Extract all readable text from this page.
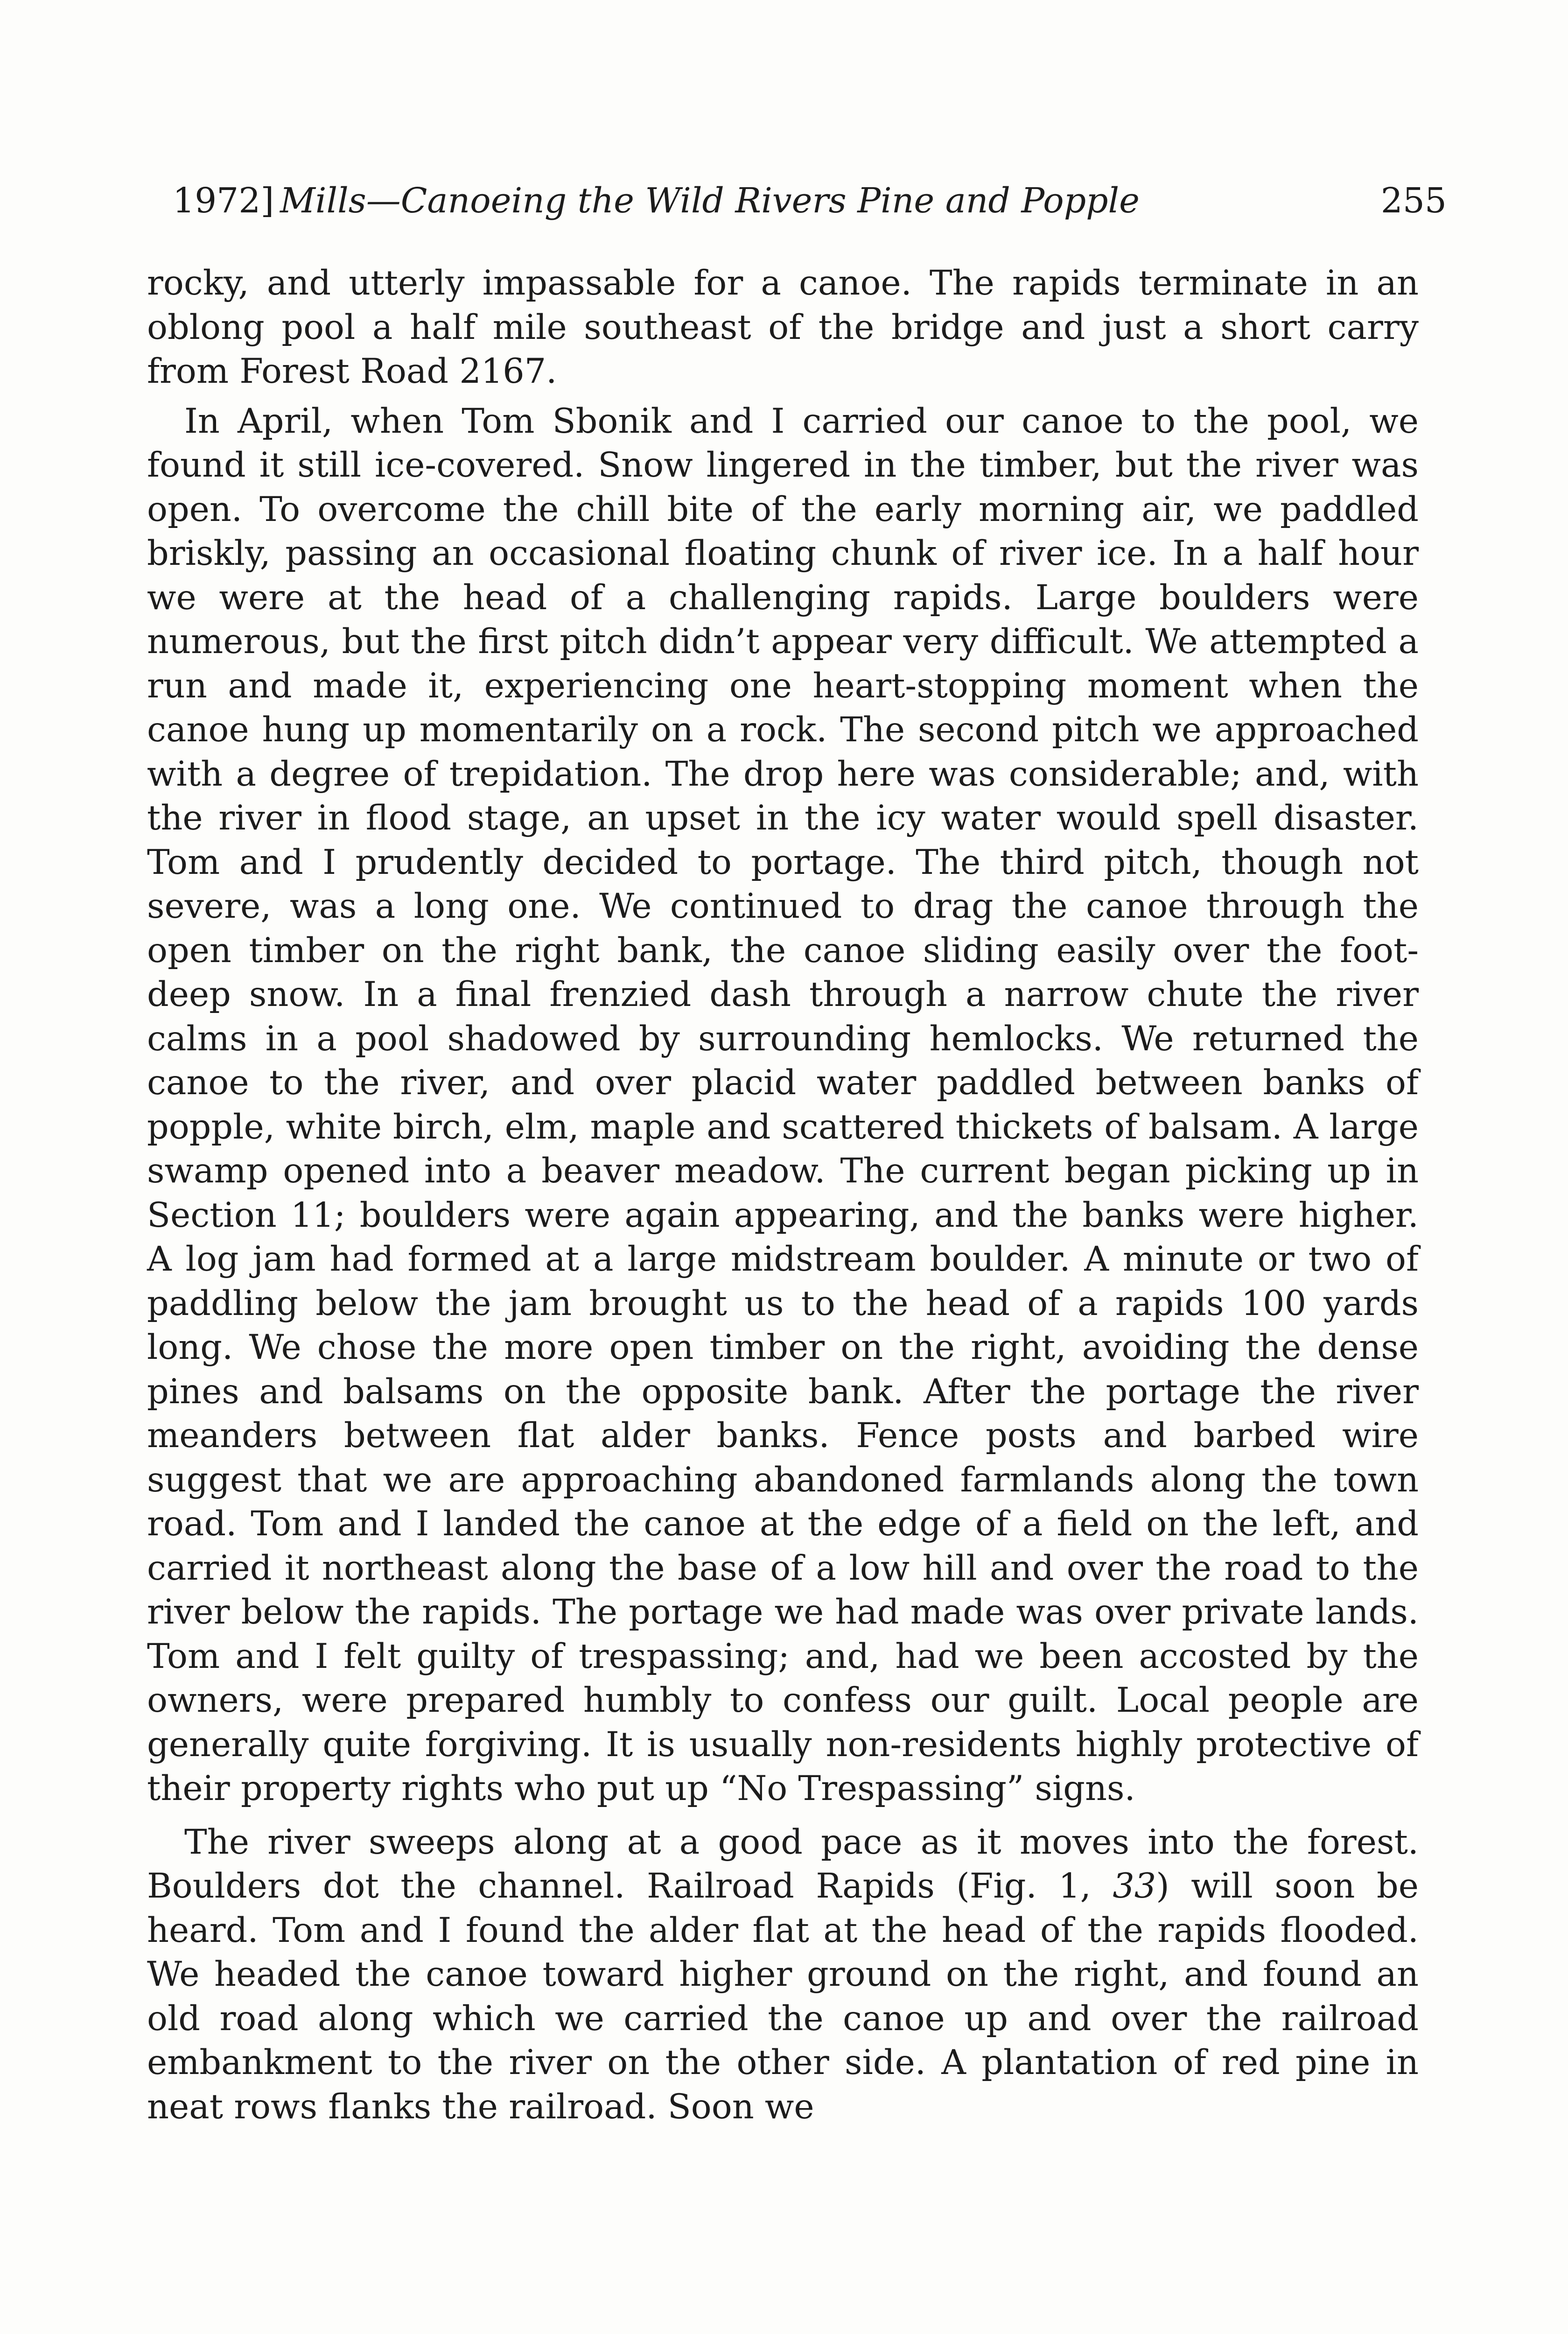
1972] Mills—Canoeing the Wild Rivers Pine and Popple	255

rocky, and utterly impassable for a canoe. The rapids terminate in an oblong pool a half mile southeast of the bridge and just a short carry from Forest Road 2167.

In April, when Tom Sbonik and I carried our canoe to the pool, we found it still ice-covered. Snow lingered in the timber, but the river was open. To overcome the chill bite of the early morning air, we paddled briskly, passing an occasional floating chunk of river ice. In a half hour we were at the head of a challenging rapids. Large boulders were numerous, but the first pitch didn’t appear very difficult. We attempted a run and made it, experiencing one heart-stopping moment when the canoe hung up momentarily on a rock. The second pitch we approached with a degree of trepidation. The drop here was considerable; and, with the river in flood stage, an upset in the icy water would spell disaster. Tom and I prudently decided to portage. The third pitch, though not severe, was a long one. We continued to drag the canoe through the open timber on the right bank, the canoe sliding easily over the foot-deep snow. In a final frenzied dash through a narrow chute the river calms in a pool shadowed by surrounding hemlocks. We returned the canoe to the river, and over placid water paddled between banks of popple, white birch, elm, maple and scattered thickets of balsam. A large swamp opened into a beaver meadow. The current began picking up in Section 11; boulders were again appearing, and the banks were higher. A log jam had formed at a large midstream boulder. A minute or two of paddling below the jam brought us to the head of a rapids 100 yards long. We chose the more open timber on the right, avoiding the dense pines and balsams on the opposite bank. After the portage the river meanders between flat alder banks. Fence posts and barbed wire suggest that we are approaching abandoned farmlands along the town road. Tom and I landed the canoe at the edge of a field on the left, and carried it northeast along the base of a low hill and over the road to the river below the rapids. The portage we had made was over private lands. Tom and I felt guilty of trespassing; and, had we been accosted by the owners, were prepared humbly to confess our guilt. Local people are generally quite forgiving. It is usually non-residents highly protective of their property rights who put up “No Trespassing” signs.

The river sweeps along at a good pace as it moves into the forest. Boulders dot the channel. Railroad Rapids (Fig. 1, 33) will soon be heard. Tom and I found the alder flat at the head of the rapids flooded. We headed the canoe toward higher ground on the right, and found an old road along which we carried the canoe up and over the railroad embankment to the river on the other side. A plantation of red pine in neat rows flanks the railroad. Soon we
